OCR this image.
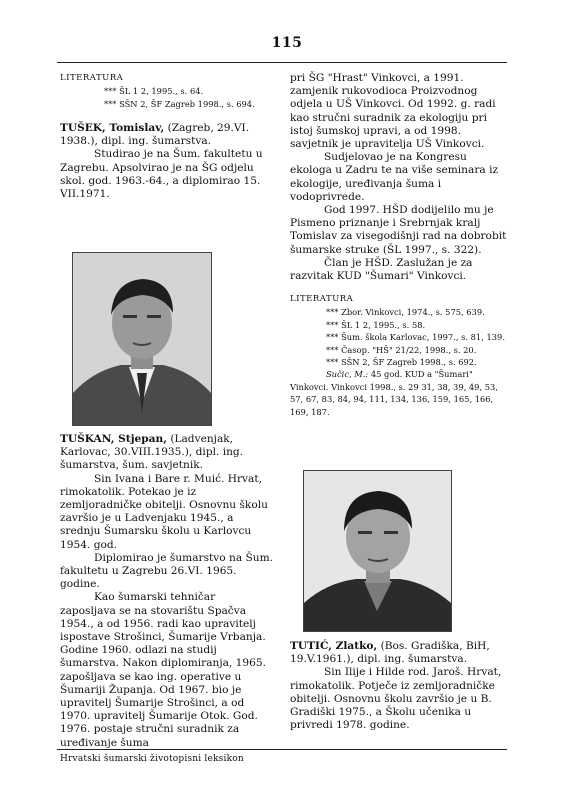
115
LITERATURA
*** ŠL 1 2, 1995., s. 64.
*** SŠN 2, ŠF Zagreb 1998., s. 694.

TUŠEK, Tomislav, (Zagreb, 29.VI. 1938.), dipl. ing. šumarstva.

Studirao je na Šum. fakultetu u Zagrebu. Apsolvirao je na ŠG odjelu skol. god. 1963.-64., a diplomirao 15. VII.1971.

TUŠKAN, Stjepan, (Ladvenjak, Karlovac, 30.VIII.1935.), dipl. ing. šumarstva, šum. savjetnik.

Sin Ivana i Bare r. Muić. Hrvat, rimokatolik. Potekao je iz zemljoradničke obitelji. Osnovnu školu završio je u Ladvenjaku 1945., a srednju Šumarsku školu u Karlovcu 1954. god.

Diplomirao je šumarstvo na Šum. fakultetu u Zagrebu 26.VI. 1965. godine.

Kao šumarski tehničar zaposljava se na stovarištu Spačva 1954., a od 1956. radi kao upravitelj ispostave Strošinci, Šumarije Vrbanja. Godine 1960. odlazi na studij šumarstva. Nakon diplomiranja, 1965. zapošljava se kao ing. operative u Šumariji Županja. Od 1967. bio je upravitelj Šumarije Strošinci, a od 1970. upravitelj Šumarije Otok. God. 1976. postaje stručni suradnik za uređivanje šuma

pri ŠG "Hrast" Vinkovci, a 1991. zamjenik rukovodioca Proizvodnog odjela u UŠ Vinkovci. Od 1992. g. radi kao stručni suradnik za ekologiju pri istoj šumskoj upravi, a od 1998. savjetnik je upravitelja UŠ Vinkovci.

Sudjelovao je na Kongresu ekologa u Zadru te na više seminara iz ekologije, uređivanja šuma i vodoprivrede.

God 1997. HŠD dodijelilo mu je Pismeno priznanje i Srebrnjak kralj Tomislav za visegodišnji rad na dobrobit šumarske struke (ŠL 1997., s. 322).

Član je HŠD. Zaslužan je za razvitak KUD "Šumari" Vinkovci.

LITERATURA
*** Zbor. Vinkovci, 1974., s. 575, 639.
*** ŠL 1 2, 1995., s. 58.
*** Šum. škola Karlovac, 1997., s. 81, 139.
*** Časop. "HŠ" 21/22, 1998., s. 20.
*** SŠN 2, ŠF Zagreb 1998., s. 692.

Sučic, M.: 45 god. KUD a "Šumari" Vinkovci. Vinkovci 1998., s. 29 31, 38, 39, 49, 53, 57, 67, 83, 84, 94, 111, 134, 136, 159, 165, 166, 169, 187.

TUTIĆ, Zlatko, (Bos. Gradiška, BiH, 19.V.1961.), dipl. ing. šumarstva.

Sin Ilije i Hilde rod. Jaroš. Hrvat, rimokatolik. Potječe iz zemljoradničke obitelji. Osnovnu školu završio je u B. Gradiški 1975., a Školu učenika u privredi 1978. godine.

Hrvatski šumarski životopisni leksikon
